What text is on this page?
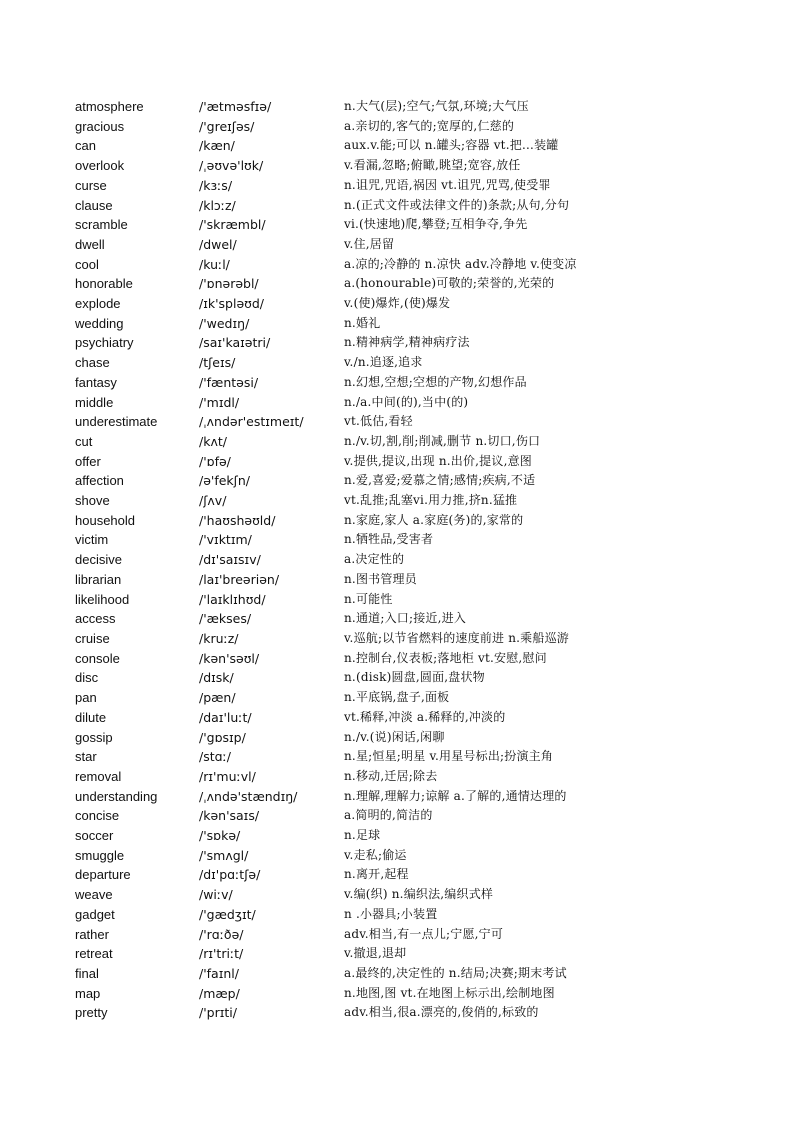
atmosphere	/'ætməsfɪə/	n.大气(层);空气;气氛,环境;大气压
gracious	/'greɪʃəs/	a.亲切的,客气的;宽厚的,仁慈的
can	/kæn/	aux.v.能;可以 n.罐头;容器 vt.把…装罐
overlook	/ˌəʊvə'lʊk/	v.看漏,忽略;俯瞰,眺望;宽容,放任
curse	/kɜːs/	n.诅咒,咒语,祸因 vt.诅咒,咒骂,使受罪
clause	/klɔːz/	n.(正式文件或法律文件的)条款;从句,分句
scramble	/'skræmbl/	vi.(快速地)爬,攀登;互相争夺,争先
dwell	/dwel/	v.住,居留
cool	/kuːl/	a.凉的;冷静的 n.凉快 adv.冷静地 v.使变凉
honorable	/'ɒnərəbl/	a.(honourable)可敬的;荣誉的,光荣的
explode	/ɪk'spləʊd/	v.(使)爆炸,(使)爆发
wedding	/'wedɪŋ/	n.婚礼
psychiatry	/saɪ'kaɪətri/	n.精神病学,精神病疗法
chase	/tʃeɪs/	v./n.追逐,追求
fantasy	/'fæntəsi/	n.幻想,空想;空想的产物,幻想作品
middle	/'mɪdl/	n./a.中间(的),当中(的)
underestimate	/ˌʌndər'estɪmeɪt/	vt.低估,看轻
cut	/kʌt/	n./v.切,割,削;削减,删节 n.切口,伤口
offer	/'ɒfə/	v.提供,提议,出现 n.出价,提议,意图
affection	/ə'fekʃn/	n.爱,喜爱;爱慕之情;感情;疾病,不适
shove	/ʃʌv/	vt.乱推;乱塞vi.用力推,挤n.猛推
household	/'haʊshəʊld/	n.家庭,家人 a.家庭(务)的,家常的
victim	/'vɪktɪm/	n.牺牲品,受害者
decisive	/dɪ'saɪsɪv/	a.决定性的
librarian	/laɪ'breəriən/	n.图书管理员
likelihood	/'laɪklɪhʊd/	n.可能性
access	/'ækses/	n.通道;入口;接近,进入
cruise	/kruːz/	v.巡航;以节省燃料的速度前进 n.乘船巡游
console	/kən'səʊl/	n.控制台,仪表板;落地柜 vt.安慰,慰问
disc	/dɪsk/	n.(disk)圆盘,圆面,盘状物
pan	/pæn/	n.平底锅,盘子,面板
dilute	/daɪ'luːt/	vt.稀释,冲淡 a.稀释的,冲淡的
gossip	/'gɒsɪp/	n./v.(说)闲话,闲聊
star	/stɑː/	n.星;恒星;明星 v.用星号标出;扮演主角
removal	/rɪ'muːvl/	n.移动,迁居;除去
understanding	/ˌʌndə'stændɪŋ/	n.理解,理解力;谅解 a.了解的,通情达理的
concise	/kən'saɪs/	a.简明的,简洁的
soccer	/'sɒkə/	n.足球
smuggle	/'smʌgl/	v.走私;偷运
departure	/dɪ'pɑːtʃə/	n.离开,起程
weave	/wiːv/	v.编(织) n.编织法,编织式样
gadget	/'gædʒɪt/	n .小器具;小装置
rather	/'rɑːðə/	adv.相当,有一点儿;宁愿,宁可
retreat	/rɪ'triːt/	v.撤退,退却
final	/'faɪnl/	a.最终的,决定性的 n.结局;决赛;期末考试
map	/mæp/	n.地图,图 vt.在地图上标示出,绘制地图
pretty	/'prɪti/	adv.相当,很a.漂亮的,俊俏的,标致的
